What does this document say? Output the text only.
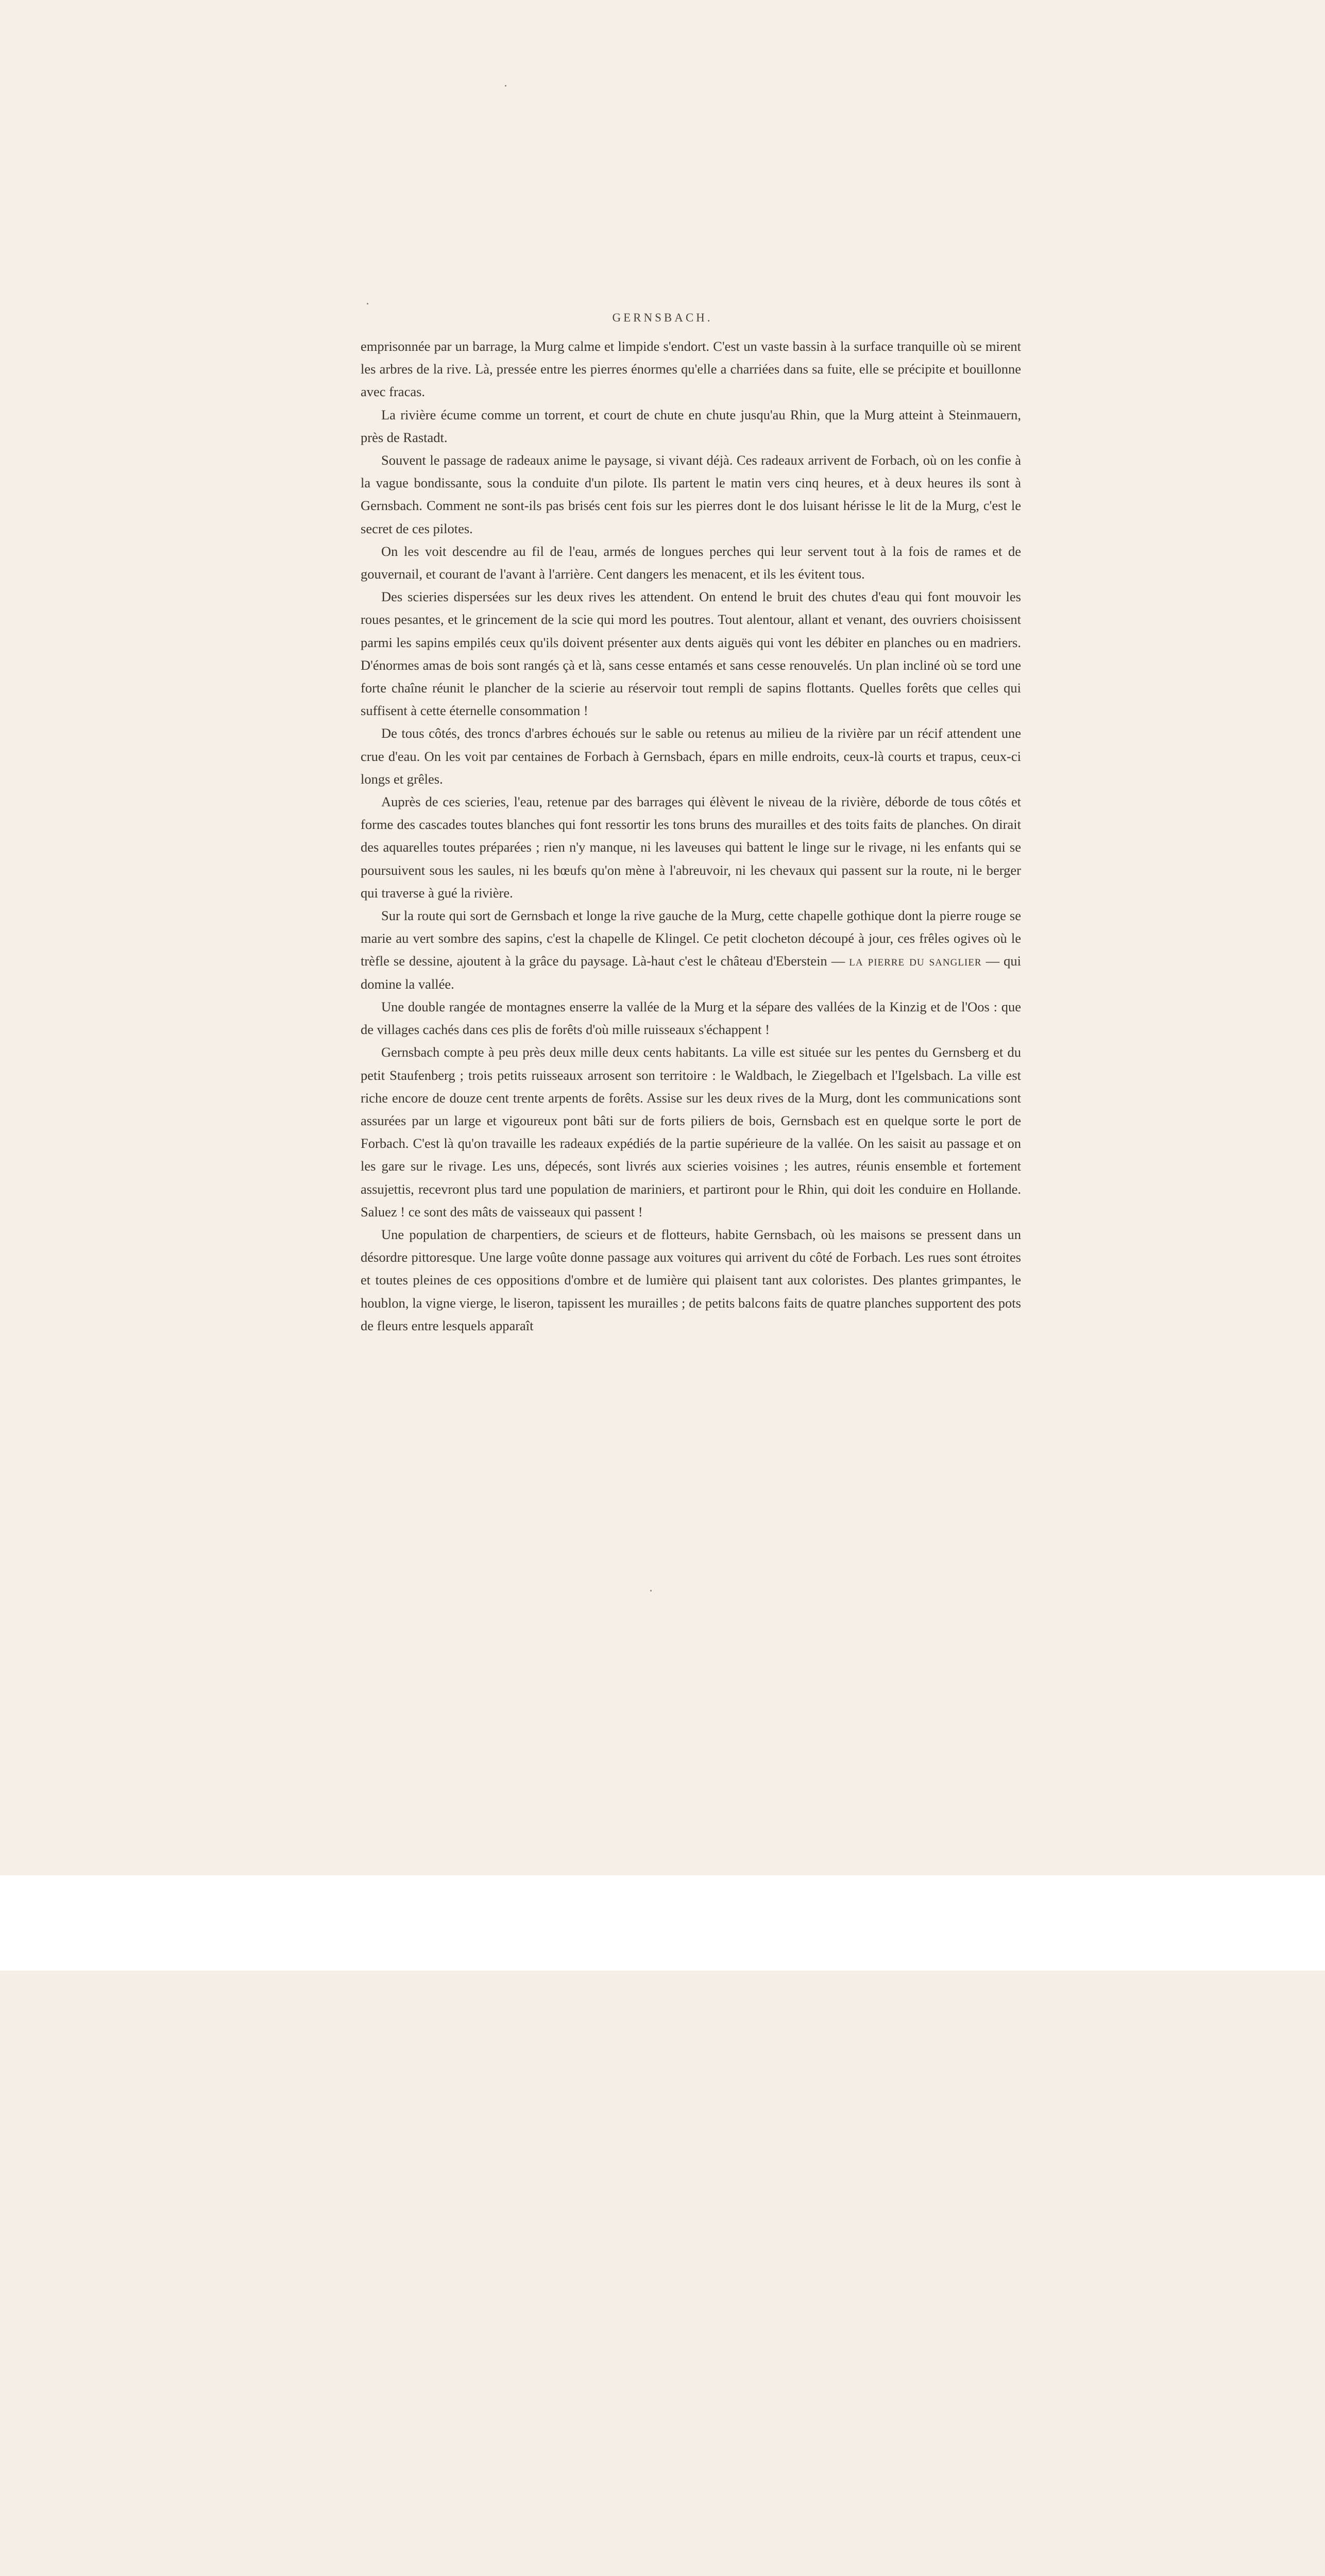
GERNSBACH.

emprisonnée par un barrage, la Murg calme et limpide s'endort. C'est un vaste bassin à la surface tranquille où se mirent les arbres de la rive. Là, pressée entre les pierres énormes qu'elle a charriées dans sa fuite, elle se précipite et bouillonne avec fracas.

La rivière écume comme un torrent, et court de chute en chute jusqu'au Rhin, que la Murg atteint à Steinmauern, près de Rastadt.

Souvent le passage de radeaux anime le paysage, si vivant déjà. Ces radeaux arrivent de Forbach, où on les confie à la vague bondissante, sous la conduite d'un pilote. Ils partent le matin vers cinq heures, et à deux heures ils sont à Gernsbach. Comment ne sont-ils pas brisés cent fois sur les pierres dont le dos luisant hérisse le lit de la Murg, c'est le secret de ces pilotes.

On les voit descendre au fil de l'eau, armés de longues perches qui leur servent tout à la fois de rames et de gouvernail, et courant de l'avant à l'arrière. Cent dangers les menacent, et ils les évitent tous.

Des scieries dispersées sur les deux rives les attendent. On entend le bruit des chutes d'eau qui font mouvoir les roues pesantes, et le grincement de la scie qui mord les poutres. Tout alentour, allant et venant, des ouvriers choisissent parmi les sapins empilés ceux qu'ils doivent présenter aux dents aiguës qui vont les débiter en planches ou en madriers. D'énormes amas de bois sont rangés çà et là, sans cesse entamés et sans cesse renouvelés. Un plan incliné où se tord une forte chaîne réunit le plancher de la scierie au réservoir tout rempli de sapins flottants. Quelles forêts que celles qui suffisent à cette éternelle consommation !

De tous côtés, des troncs d'arbres échoués sur le sable ou retenus au milieu de la rivière par un récif attendent une crue d'eau. On les voit par centaines de Forbach à Gernsbach, épars en mille endroits, ceux-là courts et trapus, ceux-ci longs et grêles.

Auprès de ces scieries, l'eau, retenue par des barrages qui élèvent le niveau de la rivière, déborde de tous côtés et forme des cascades toutes blanches qui font ressortir les tons bruns des murailles et des toits faits de planches. On dirait des aquarelles toutes préparées ; rien n'y manque, ni les laveuses qui battent le linge sur le rivage, ni les enfants qui se poursuivent sous les saules, ni les bœufs qu'on mène à l'abreuvoir, ni les chevaux qui passent sur la route, ni le berger qui traverse à gué la rivière.

Sur la route qui sort de Gernsbach et longe la rive gauche de la Murg, cette chapelle gothique dont la pierre rouge se marie au vert sombre des sapins, c'est la chapelle de Klingel. Ce petit clocheton découpé à jour, ces frêles ogives où le trèfle se dessine, ajoutent à la grâce du paysage. Là-haut c'est le château d'Eberstein — la pierre du sanglier — qui domine la vallée.

Une double rangée de montagnes enserre la vallée de la Murg et la sépare des vallées de la Kinzig et de l'Oos : que de villages cachés dans ces plis de forêts d'où mille ruisseaux s'échappent !

Gernsbach compte à peu près deux mille deux cents habitants. La ville est située sur les pentes du Gernsberg et du petit Staufenberg ; trois petits ruisseaux arrosent son territoire : le Waldbach, le Ziegelbach et l'Igelsbach. La ville est riche encore de douze cent trente arpents de forêts. Assise sur les deux rives de la Murg, dont les communications sont assurées par un large et vigoureux pont bâti sur de forts piliers de bois, Gernsbach est en quelque sorte le port de Forbach. C'est là qu'on travaille les radeaux expédiés de la partie supérieure de la vallée. On les saisit au passage et on les gare sur le rivage. Les uns, dépecés, sont livrés aux scieries voisines ; les autres, réunis ensemble et fortement assujettis, recevront plus tard une population de mariniers, et partiront pour le Rhin, qui doit les conduire en Hollande. Saluez ! ce sont des mâts de vaisseaux qui passent !

Une population de charpentiers, de scieurs et de flotteurs, habite Gernsbach, où les maisons se pressent dans un désordre pittoresque. Une large voûte donne passage aux voitures qui arrivent du côté de Forbach. Les rues sont étroites et toutes pleines de ces oppositions d'ombre et de lumière qui plaisent tant aux coloristes. Des plantes grimpantes, le houblon, la vigne vierge, le liseron, tapissent les murailles ; de petits balcons faits de quatre planches supportent des pots de fleurs entre lesquels apparaît
